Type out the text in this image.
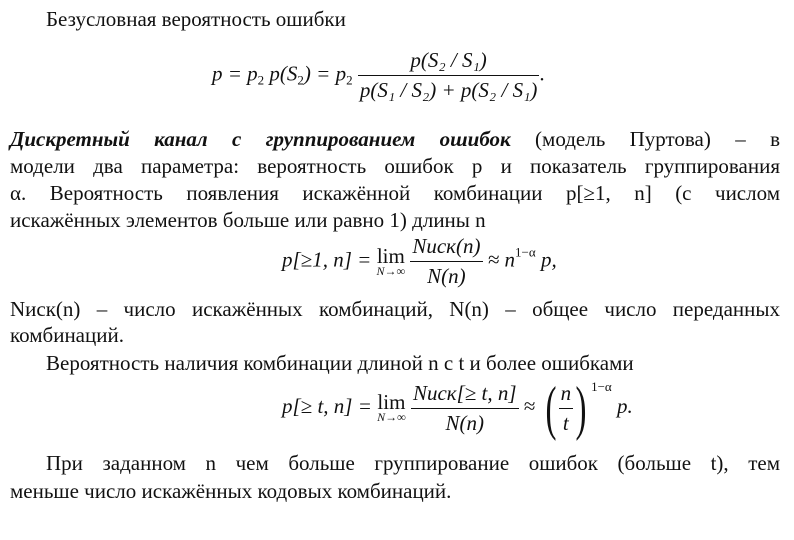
Безусловная вероятность ошибки
$p = p_2$ $p(S_2) = p_2 \frac{\text{p(S₂ / S₁)}}{\text{p(S₁ / S₂) + p(S₂ / S₁)}}$ .
Дискретный канал с группированием ошибок (модель Пуртова) – в
модели два параметра: вероятность ошибок p и показатель группирования
α. Вероятность появления искажённой комбинации p[≥1, n] (с числом
искажённых элементов больше или равно 1) длины n
p[≥1, n] = lim
N→∞
$\frac{\text{Nиск(n)}}{N(n)} \approx n^{1-\alpha}$ p,
Nиск(n) – число искажённых комбинаций, N(n) – общее число переданных
комбинаций.
Вероятность наличия комбинации длиной n с t и более ошибками
p[≥ t, n] = lim
N→∞
$\frac{\text{Nиск[≥ t, n]}}{N(n)}$ ≈ ( $\frac{n}{t}$ ) $^{1-\alpha}$ p.
При заданном n чем больше группирование ошибок (больше t), тем
меньше число искажённых кодовых комбинаций.
